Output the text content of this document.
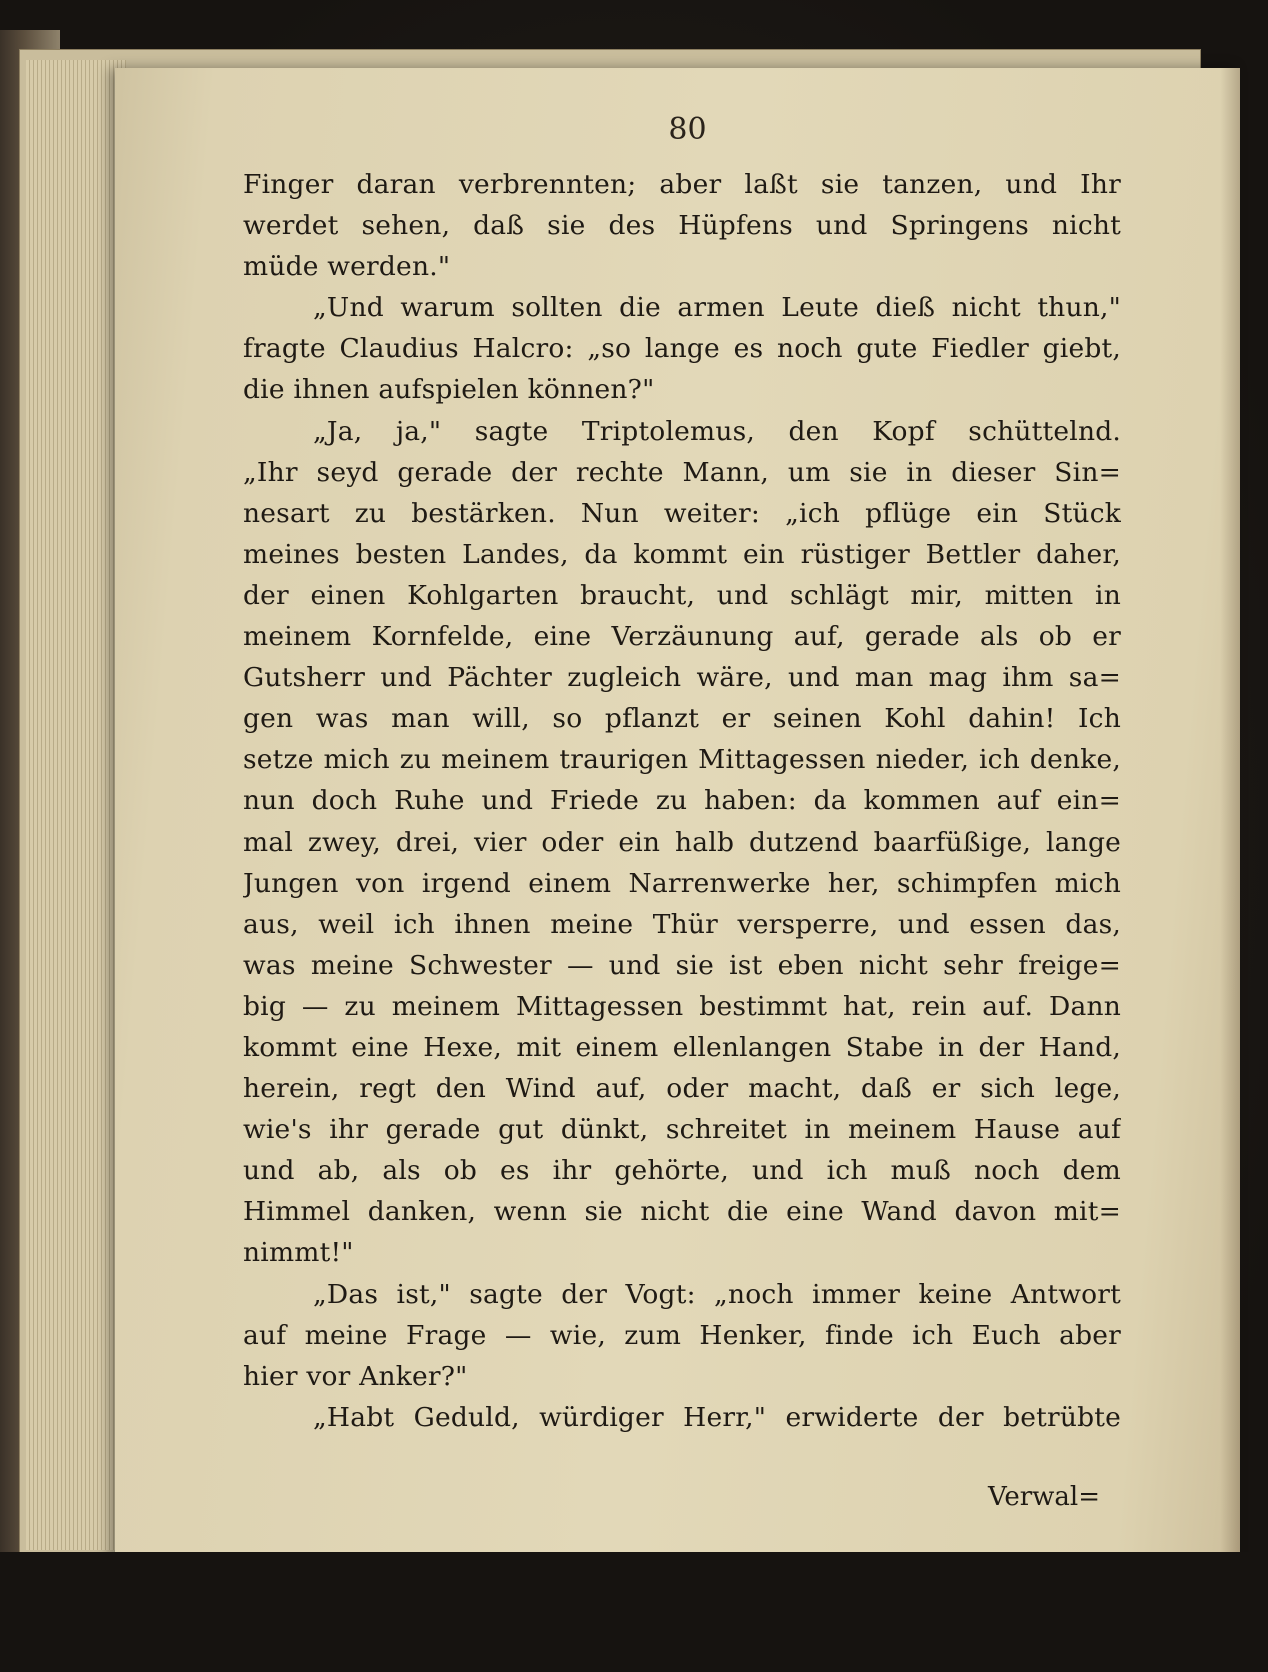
80
Finger daran verbrennten; aber laßt sie tanzen, und Ihr
werdet sehen, daß sie des Hüpfens und Springens nicht
müde werden."
„Und warum sollten die armen Leute dieß nicht thun,"
fragte Claudius Halcro: „so lange es noch gute Fiedler giebt,
die ihnen aufspielen können?"
„Ja, ja," sagte Triptolemus, den Kopf schüttelnd.
„Ihr seyd gerade der rechte Mann, um sie in dieser Sin=
nesart zu bestärken. Nun weiter: „ich pflüge ein Stück
meines besten Landes, da kommt ein rüstiger Bettler daher,
der einen Kohlgarten braucht, und schlägt mir, mitten in
meinem Kornfelde, eine Verzäunung auf, gerade als ob er
Gutsherr und Pächter zugleich wäre, und man mag ihm sa=
gen was man will, so pflanzt er seinen Kohl dahin! Ich
setze mich zu meinem traurigen Mittagessen nieder, ich denke,
nun doch Ruhe und Friede zu haben: da kommen auf ein=
mal zwey, drei, vier oder ein halb dutzend baarfüßige, lange
Jungen von irgend einem Narrenwerke her, schimpfen mich
aus, weil ich ihnen meine Thür versperre, und essen das,
was meine Schwester — und sie ist eben nicht sehr freige=
big — zu meinem Mittagessen bestimmt hat, rein auf. Dann
kommt eine Hexe, mit einem ellenlangen Stabe in der Hand,
herein, regt den Wind auf, oder macht, daß er sich lege,
wie's ihr gerade gut dünkt, schreitet in meinem Hause auf
und ab, als ob es ihr gehörte, und ich muß noch dem
Himmel danken, wenn sie nicht die eine Wand davon mit=
nimmt!"
„Das ist," sagte der Vogt: „noch immer keine Antwort
auf meine Frage — wie, zum Henker, finde ich Euch aber
hier vor Anker?"
„Habt Geduld, würdiger Herr," erwiderte der betrübte
Verwal=
